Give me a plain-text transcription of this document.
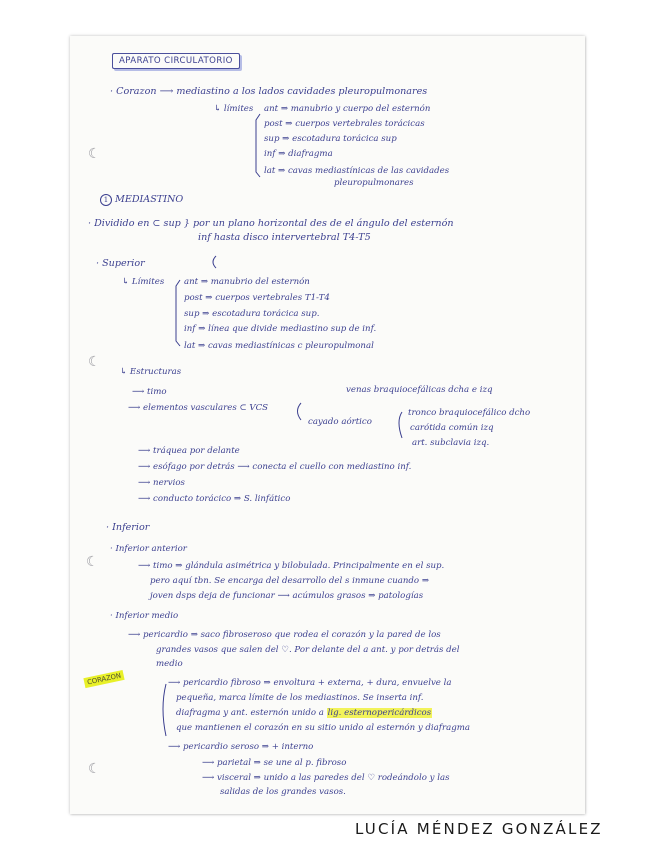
APARATO CIRCULATORIO
☾
☾
☾
☾
· Corazon ⟶ mediastino a los lados cavidades pleuropulmonares
↳ límites ant ⇒ manubrio y cuerpo del esternón
post ⇒ cuerpos vertebrales torácicas
sup ⇒ escotadura torácica sup
inf ⇒ diafragma
lat ⇒ cavas mediastínicas de las cavidades
pleuropulmonares
1 MEDIASTINO
· Dividido en ⊂ sup } por un plano horizontal des de el ángulo del esternón
inf hasta disco intervertebral T4-T5
· Superior
↳ Límites ant ⇒ manubrio del esternón
post ⇒ cuerpos vertebrales T1-T4
sup ⇒ escotadura torácica sup.
inf ⇒ línea que divide mediastino sup de inf.
lat ⇒ cavas mediastínicas c pleuropulmonal
↳ Estructuras
⟶ timo
⟶ elementos vasculares ⊂ VCS
venas braquiocefálicas dcha e izq
cayado aórtico
tronco braquiocefálico dcho
carótida común izq
art. subclavia izq.
⟶ tráquea por delante
⟶ esófago por detrás ⟶ conecta el cuello con mediastino inf.
⟶ nervios
⟶ conducto torácico ⇒ S. linfático
· Inferior
· Inferior anterior
⟶ timo ⇒ glándula asimétrica y bilobulada. Principalmente en el sup.
pero aquí tbn. Se encarga del desarrollo del s inmune cuando ⇒
joven dsps deja de funcionar ⟶ acúmulos grasos ⇒ patologías
· Inferior medio
⟶ pericardio ⇒ saco fibroseroso que rodea el corazón y la pared de los
grandes vasos que salen del ♡. Por delante del a ant. y por detrás del
medio
⟶ pericardio fibroso ⇒ envoltura + externa, + dura, envuelve la
pequeña, marca límite de los mediastinos. Se inserta inf.
diafragma y ant. esternón unido a lig. esternopericárdicos
que mantienen el corazón en su sitio unido al esternón y diafragma
⟶ pericardio seroso ⇒ + interno
⟶ parietal ⇒ se une al p. fibroso
⟶ visceral ⇒ unido a las paredes del ♡ rodeándolo y las
salidas de los grandes vasos.
CORAZON
LUCÍA MÉNDEZ GONZÁLEZ
